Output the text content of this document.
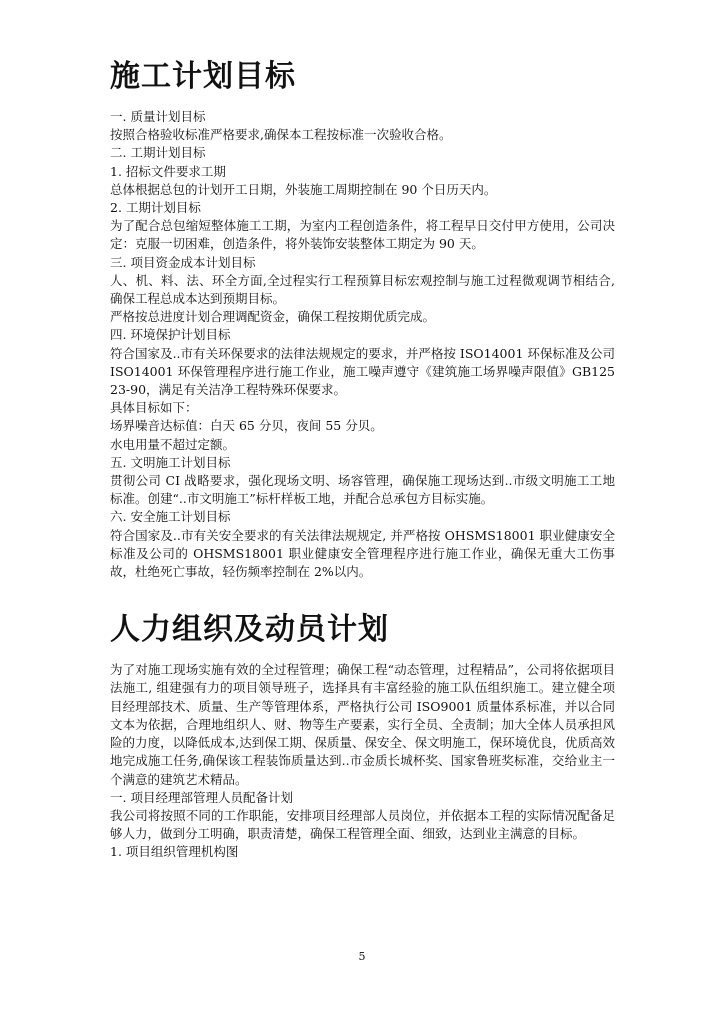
施工计划目标

一. 质量计划目标

按照合格验收标准严格要求,确保本工程按标准一次验收合格。

二. 工期计划目标

1. 招标文件要求工期

总体根据总包的计划开工日期，外装施工周期控制在 90 个日历天内。

2. 工期计划目标

为了配合总包缩短整体施工工期，为室内工程创造条件，将工程早日交付甲方使用，公司决定：克服一切困难，创造条件，将外装饰安装整体工期定为 90 天。

三. 项目资金成本计划目标

人、机、料、法、环全方面,全过程实行工程预算目标宏观控制与施工过程微观调节相结合,确保工程总成本达到预期目标。

严格按总进度计划合理调配资金，确保工程按期优质完成。

四. 环境保护计划目标

符合国家及..市有关环保要求的法律法规规定的要求，并严格按 ISO14001 环保标准及公司 ISO14001 环保管理程序进行施工作业，施工噪声遵守《建筑施工场界噪声限值》GB12523-90，满足有关洁净工程特殊环保要求。

具体目标如下：

场界噪音达标值：白天 65 分贝，夜间 55 分贝。

水电用量不超过定额。

五. 文明施工计划目标

贯彻公司 CI 战略要求，强化现场文明、场容管理，确保施工现场达到..市级文明施工工地标准。创建“..市文明施工”标杆样板工地，并配合总承包方目标实施。

六. 安全施工计划目标

符合国家及..市有关安全要求的有关法律法规规定, 并严格按 OHSMS18001 职业健康安全标准及公司的 OHSMS18001 职业健康安全管理程序进行施工作业，确保无重大工伤事故，杜绝死亡事故，轻伤频率控制在 2%以内。

人力组织及动员计划

为了对施工现场实施有效的全过程管理；确保工程“动态管理，过程精品”，公司将依据项目法施工, 组建强有力的项目领导班子，选择具有丰富经验的施工队伍组织施工。建立健全项目经理部技术、质量、生产等管理体系，严格执行公司 ISO9001 质量体系标准，并以合同文本为依据，合理地组织人、财、物等生产要素，实行全员、全责制；加大全体人员承担风险的力度，以降低成本,达到保工期、保质量、保安全、保文明施工，保环境优良，优质高效地完成施工任务,确保该工程装饰质量达到..市金质长城杯奖、国家鲁班奖标准，交给业主一个满意的建筑艺术精品。

一. 项目经理部管理人员配备计划

我公司将按照不同的工作职能，安排项目经理部人员岗位，并依据本工程的实际情况配备足够人力，做到分工明确，职责清楚，确保工程管理全面、细致，达到业主满意的目标。

1. 项目组织管理机构图

5
